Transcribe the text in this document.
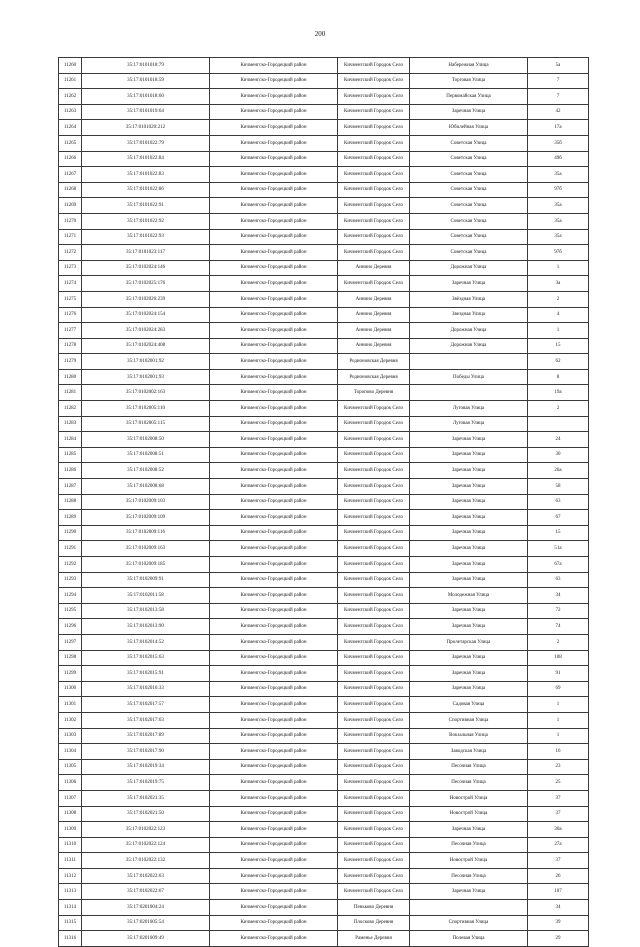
200
11260	35:17:0101018:79	Кичменгско-Городецкий район	Кичменгский Городок Село	Набережная Улица	5а
11261	35:17:0101018:59	Кичменгско-Городецкий район	Кичменгский Городок Село	Торговая Улица	7
11262	35:17:0101018:60	Кичменгско-Городецкий район	Кичменгский Городок Село	Первомайская Улица	7
11263	35:17:0101019:64	Кичменгско-Городецкий район	Кичменгский Городок Село	Заречная Улица	42
11264	35:17:0101020:212	Кичменгско-Городецкий район	Кичменгский Городок Село	Юбилейная Улица	17а
11265	35:17:0101022:79	Кичменгско-Городецкий район	Кичменгский Городок Село	Советская Улица	35б
11266	35:17:0101022:84	Кичменгско-Городецкий район	Кичменгский Городок Село	Советская Улица	49б
11267	35:17:0101022:83	Кичменгско-Городецкий район	Кичменгский Городок Село	Советская Улица	35а
11268	35:17:0101022:86	Кичменгско-Городецкий район	Кичменгский Городок Село	Советская Улица	97б
11269	35:17:0101022:91	Кичменгско-Городецкий район	Кичменгский Городок Село	Советская Улица	35а
11270	35:17:0101022:92	Кичменгско-Городецкий район	Кичменгский Городок Село	Советская Улица	35а
11271	35:17:0101022:93	Кичменгско-Городецкий район	Кичменгский Городок Село	Советская Улица	35а
11272	35:17:0101023:117	Кичменгско-Городецкий район	Кичменгский Городок Село	Советская Улица	97б
11273	35:17:0102024:146	Кичменгско-Городецкий район	Аннино Деревня	Дорожная Улица	1
11274	35:17:0102025:176	Кичменгско-Городецкий район	Кичменгский Городок Село	Заречная Улица	3а
11275	35:17:0102026:239	Кичменгско-Городецкий район	Аннино Деревня	Звёздная Улица	2
11276	35:17:0102024:154	Кичменгско-Городецкий район	Аннино Деревня	Звездная Улица	4
11277	35:17:0102024:283	Кичменгско-Городецкий район	Аннино Деревня	Дорожная Улица	1
11278	35:17:0102024:408	Кичменгско-Городецкий район	Аннино Деревня	Дорожная Улица	15
11279	35:17:0102001:92	Кичменгско-Городецкий район	Родионовская Деревня		62
11280	35:17:0102001:93	Кичменгско-Городецкий район	Родионовская Деревня	Победы Улица	8
11281	35:17:0102002:163	Кичменгско-Городецкий район	Торопово Деревня		19а
11282	35:17:0102005:110	Кичменгско-Городецкий район	Кичменгский Городок Село	Луговая Улица	2
11283	35:17:0102005:115	Кичменгско-Городецкий район	Кичменгский Городок Село	Луговая Улица	
11284	35:17:0102008:50	Кичменгско-Городецкий район	Кичменгский Городок Село	Заречная Улица	24
11285	35:17:0102008:51	Кичменгско-Городецкий район	Кичменгский Городок Село	Заречная Улица	30
11286	35:17:0102008:52	Кичменгско-Городецкий район	Кичменгский Городок Село	Заречная Улица	26а
11287	35:17:0102008:68	Кичменгско-Городецкий район	Кичменгский Городок Село	Заречная Улица	58
11288	35:17:0102009:103	Кичменгско-Городецкий район	Кичменгский Городок Село	Заречная Улица	63
11289	35:17:0102009:109	Кичменгско-Городецкий район	Кичменгский Городок Село	Заречная Улица	67
11290	35:17:0102009:116	Кичменгско-Городецкий район	Кичменгский Городок Село	Заречная Улица	15
11291	35:17:0102009:163	Кичменгско-Городецкий район	Кичменгский Городок Село	Заречная Улица	51а
11292	35:17:0102009:185	Кичменгско-Городецкий район	Кичменгский Городок Село	Заречная Улица	67а
11293	35:17:0102009:91	Кичменгско-Городецкий район	Кичменгский Городок Село	Заречная Улица	63
11294	35:17:0102011:58	Кичменгско-Городецкий район	Кичменгский Городок Село	Молодежная Улица	34
11295	35:17:0102013:58	Кичменгско-Городецкий район	Кичменгский Городок Село	Заречная Улица	72
11296	35:17:0102013:90	Кичменгско-Городецкий район	Кичменгский Городок Село	Заречная Улица	74
11297	35:17:0102014:52	Кичменгско-Городецкий район	Кичменгский Городок Село	Пролетарская Улица	2
11298	35:17:0102015:63	Кичменгско-Городецкий район	Кичменгский Городок Село	Заречная Улица	108
11299	35:17:0102015:91	Кичменгско-Городецкий район	Кичменгский Городок Село	Заречная Улица	91
11300	35:17:0102016:33	Кичменгско-Городецкий район	Кичменгский Городок Село	Заречная Улица	69
11301	35:17:0102017:57	Кичменгско-Городецкий район	Кичменгский Городок Село	Садовая Улица	1
11302	35:17:0102017:63	Кичменгско-Городецкий район	Кичменгский Городок Село	Спортивная Улица	1
11303	35:17:0102017:89	Кичменгско-Городецкий район	Кичменгский Городок Село	Вокзальная Улица	1
11304	35:17:0102017:90	Кичменгско-Городецкий район	Кичменгский Городок Село	Заводская Улица	16
11305	35:17:0102019:34	Кичменгско-Городецкий район	Кичменгский Городок Село	Песочная Улица	23
11306	35:17:0102019:75	Кичменгско-Городецкий район	Кичменгский Городок Село	Песочная Улица	25
11307	35:17:0102021:35	Кичменгско-Городецкий район	Кичменгский Городок Село	Новострой Улица	37
11308	35:17:0102021:50	Кичменгско-Городецкий район	Кичменгский Городок Село	Новострой Улица	37
11309	35:17:0102022:123	Кичменгско-Городецкий район	Кичменгский Городок Село	Заречная Улица	30а
11310	35:17:0102022:124	Кичменгско-Городецкий район	Кичменгский Городок Село	Песочная Улица	27а
11311	35:17:0102022:132	Кичменгско-Городецкий район	Кичменгский Городок Село	Новострой Улица	37
11312	35:17:0102022:63	Кичменгско-Городецкий район	Кичменгский Городок Село	Песочная Улица	26
11313	35:17:0102022:67	Кичменгско-Городецкий район	Кичменгский Городок Село	Заречная Улица	107
11314	35:17:0201004:24	Кичменгско-Городецкий район	Пеньково Деревня		34
11315	35:17:0201005:54	Кичменгско-Городецкий район	Плосково Деревня	Спортивная Улица	39
11316	35:17:0201009:49	Кичменгско-Городецкий район	Раменье Деревня	Полевая Улица	29
